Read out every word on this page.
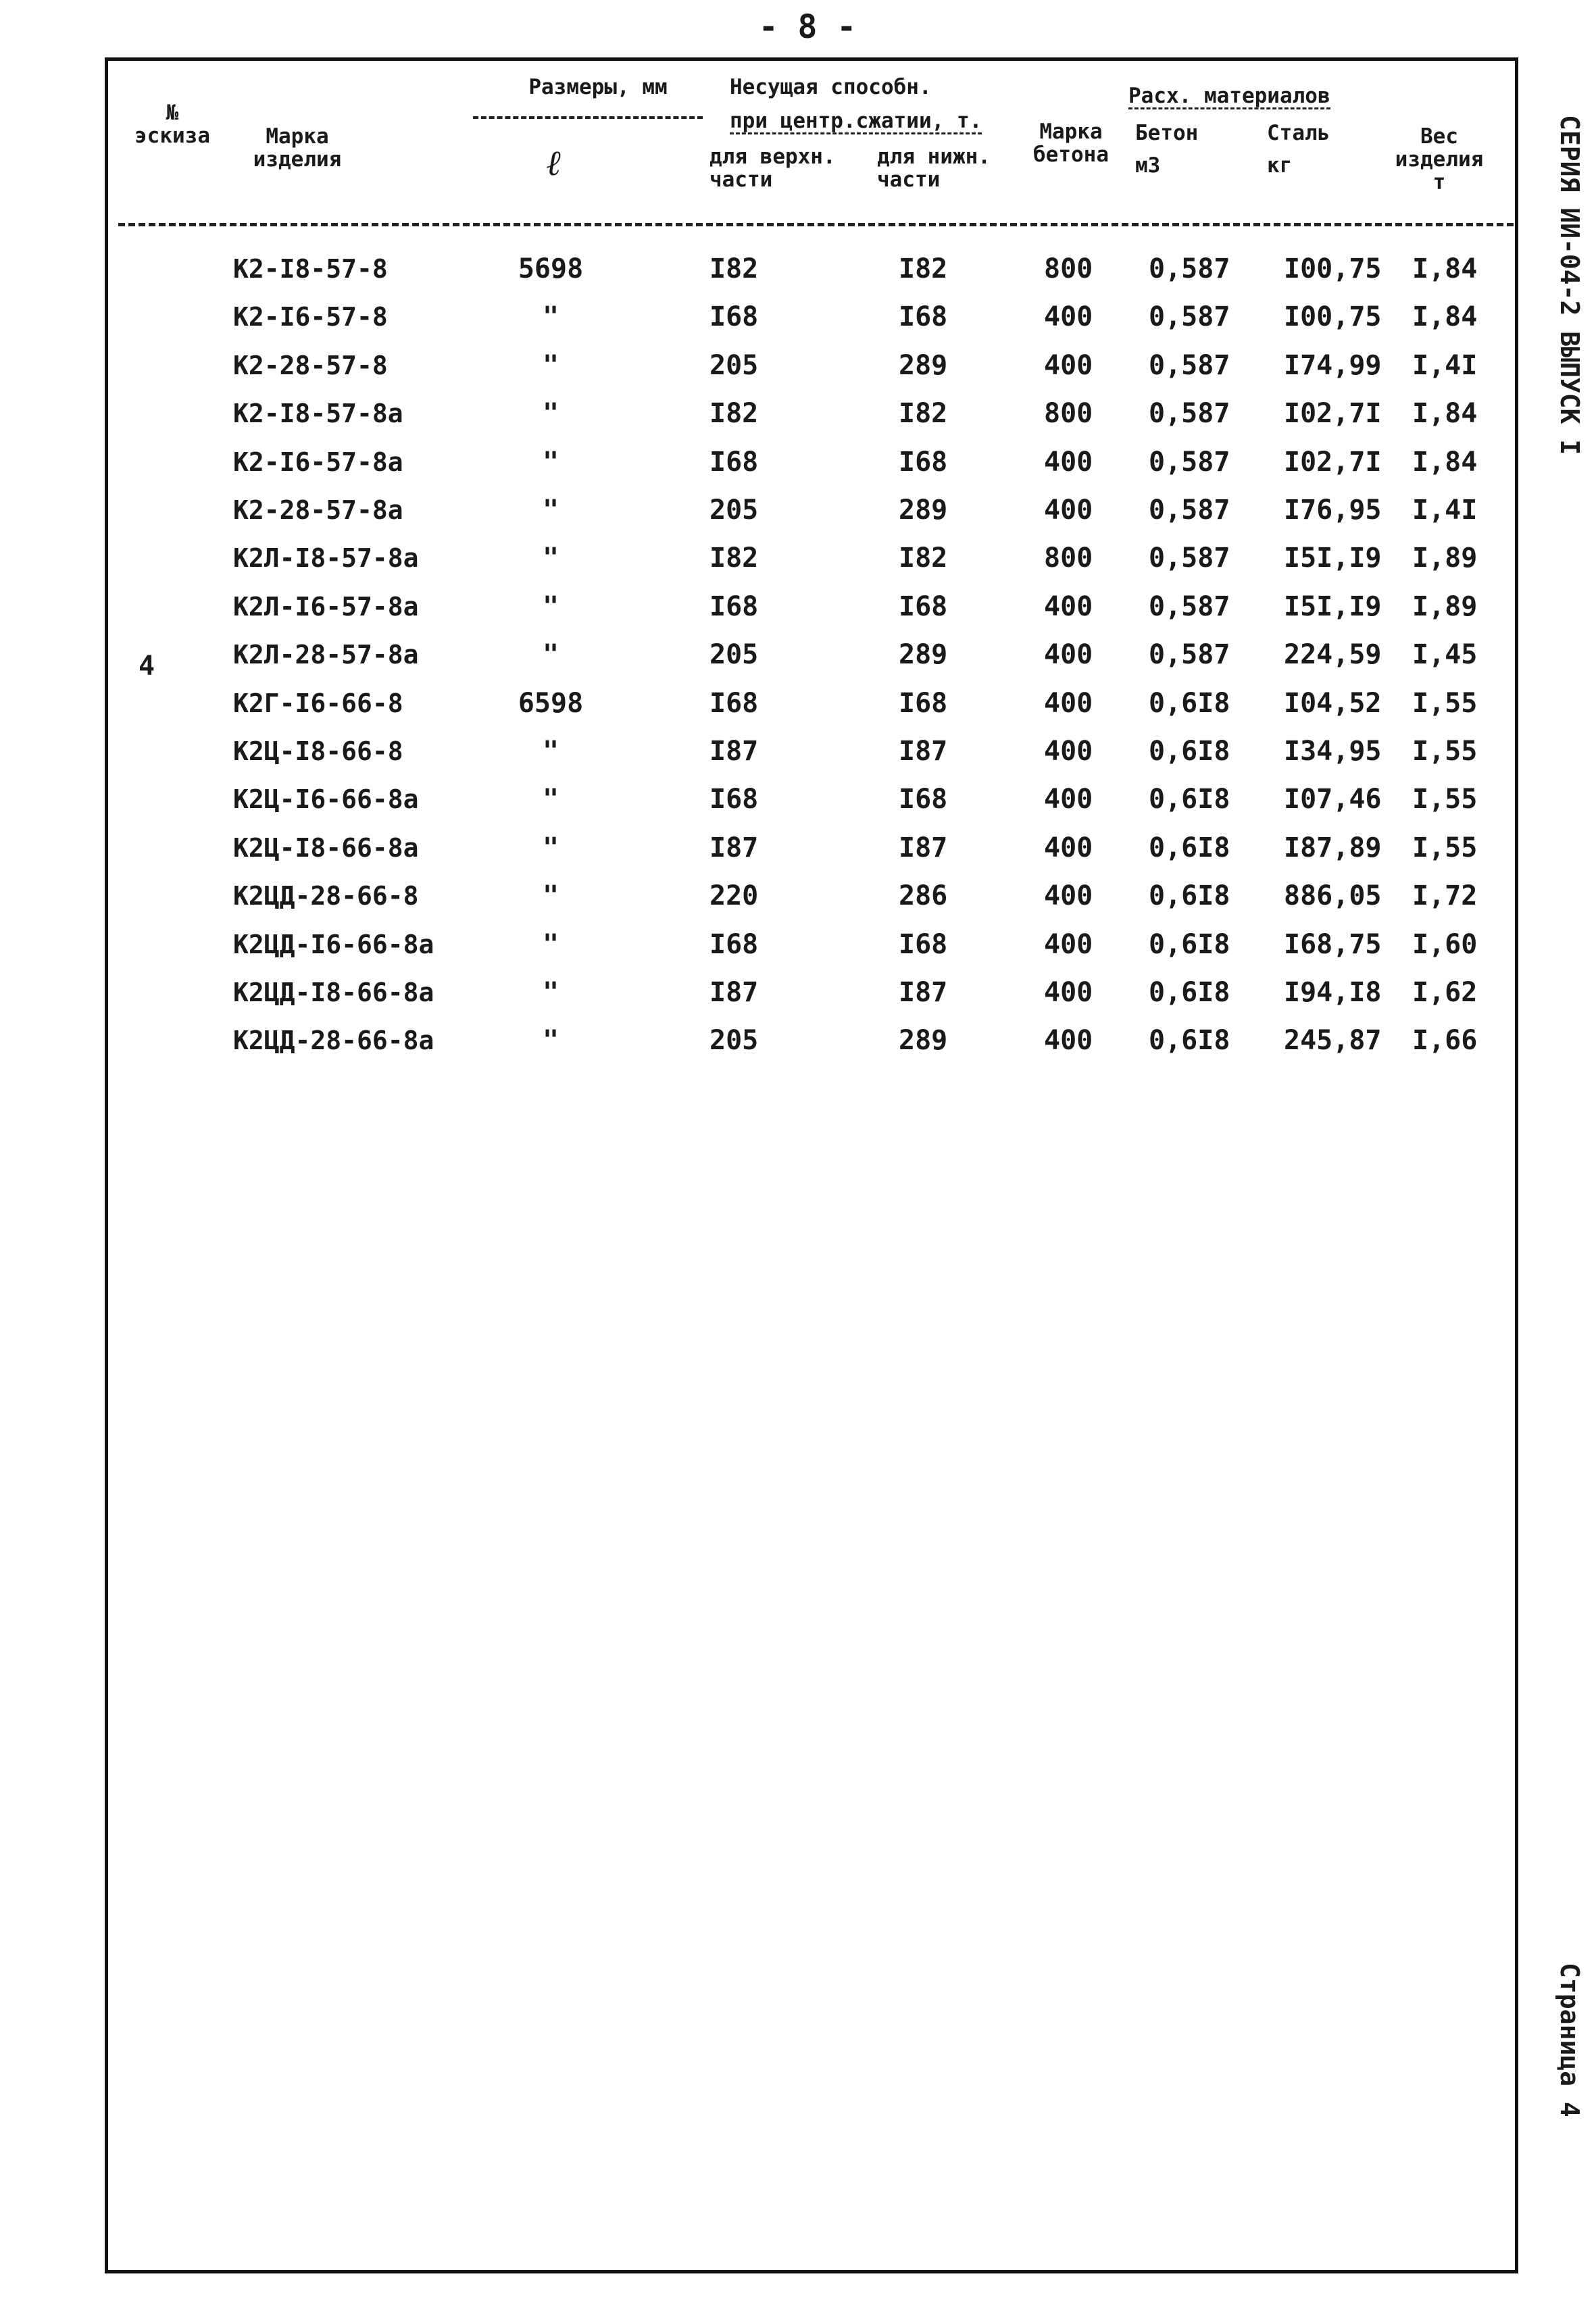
- 8 -
СЕРИЯ ИИ-04-2 ВЫПУСК I
Страница 4
№
эскиза	Марка
изделия
Размеры, мм
ℓ
Несущая способн.
при центр.сжатии, т.
для верхн.
части
для нижн.
части
Марка
бетона
Расх. материалов
Бетон
м3
Сталь
кг
Вес
изделия
т
4
К2-I8-57-8	5698	I82	I82	800 0,587 I00,75 I,84
К2-I6-57-8	"	I68	I68	400 0,587 I00,75 I,84
К2-28-57-8	"	205	289	400 0,587 I74,99 I,4I
К2-I8-57-8а	"	I82	I82	800 0,587 I02,7I I,84
К2-I6-57-8а	"	I68	I68	400 0,587 I02,7I I,84
К2-28-57-8а	"	205	289	400 0,587 I76,95 I,4I
К2Л-I8-57-8а	"	I82	I82	800 0,587 I5I,I9 I,89
К2Л-I6-57-8а	"	I68	I68	400 0,587 I5I,I9 I,89
К2Л-28-57-8а	"	205	289	400 0,587 224,59 I,45
К2Г-I6-66-8	6598	I68	I68	400 0,6I8 I04,52 I,55
К2Ц-I8-66-8	"	I87	I87	400 0,6I8 I34,95 I,55
К2Ц-I6-66-8а	"	I68	I68	400 0,6I8 I07,46 I,55
К2Ц-I8-66-8а	"	I87	I87	400 0,6I8 I87,89 I,55
К2ЦД-28-66-8	"	220	286	400 0,6I8 886,05 I,72
К2ЦД-I6-66-8а	"	I68	I68	400 0,6I8 I68,75 I,60
К2ЦД-I8-66-8а	"	I87	I87	400 0,6I8 I94,I8 I,62
К2ЦД-28-66-8а	"	205	289	400 0,6I8 245,87 I,66
